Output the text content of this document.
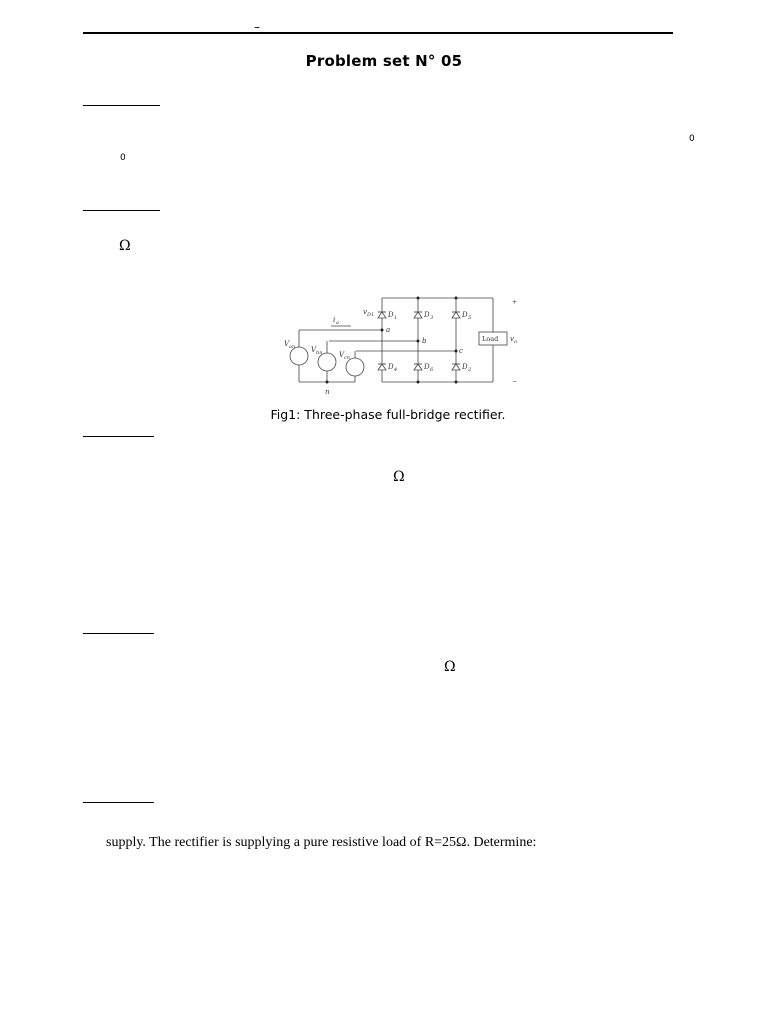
–
Problem set N° 05
0
0
Ω
Load
a
b
c
n
i a
v D1 D 1	D 3	D 5
D 4	D 6	D 2
V an V bn V cn
v o
+
−
Fig1: Three-phase full-bridge rectifier.
Ω
Ω
supply. The rectifier is supplying a pure resistive load of R=25Ω. Determine:
